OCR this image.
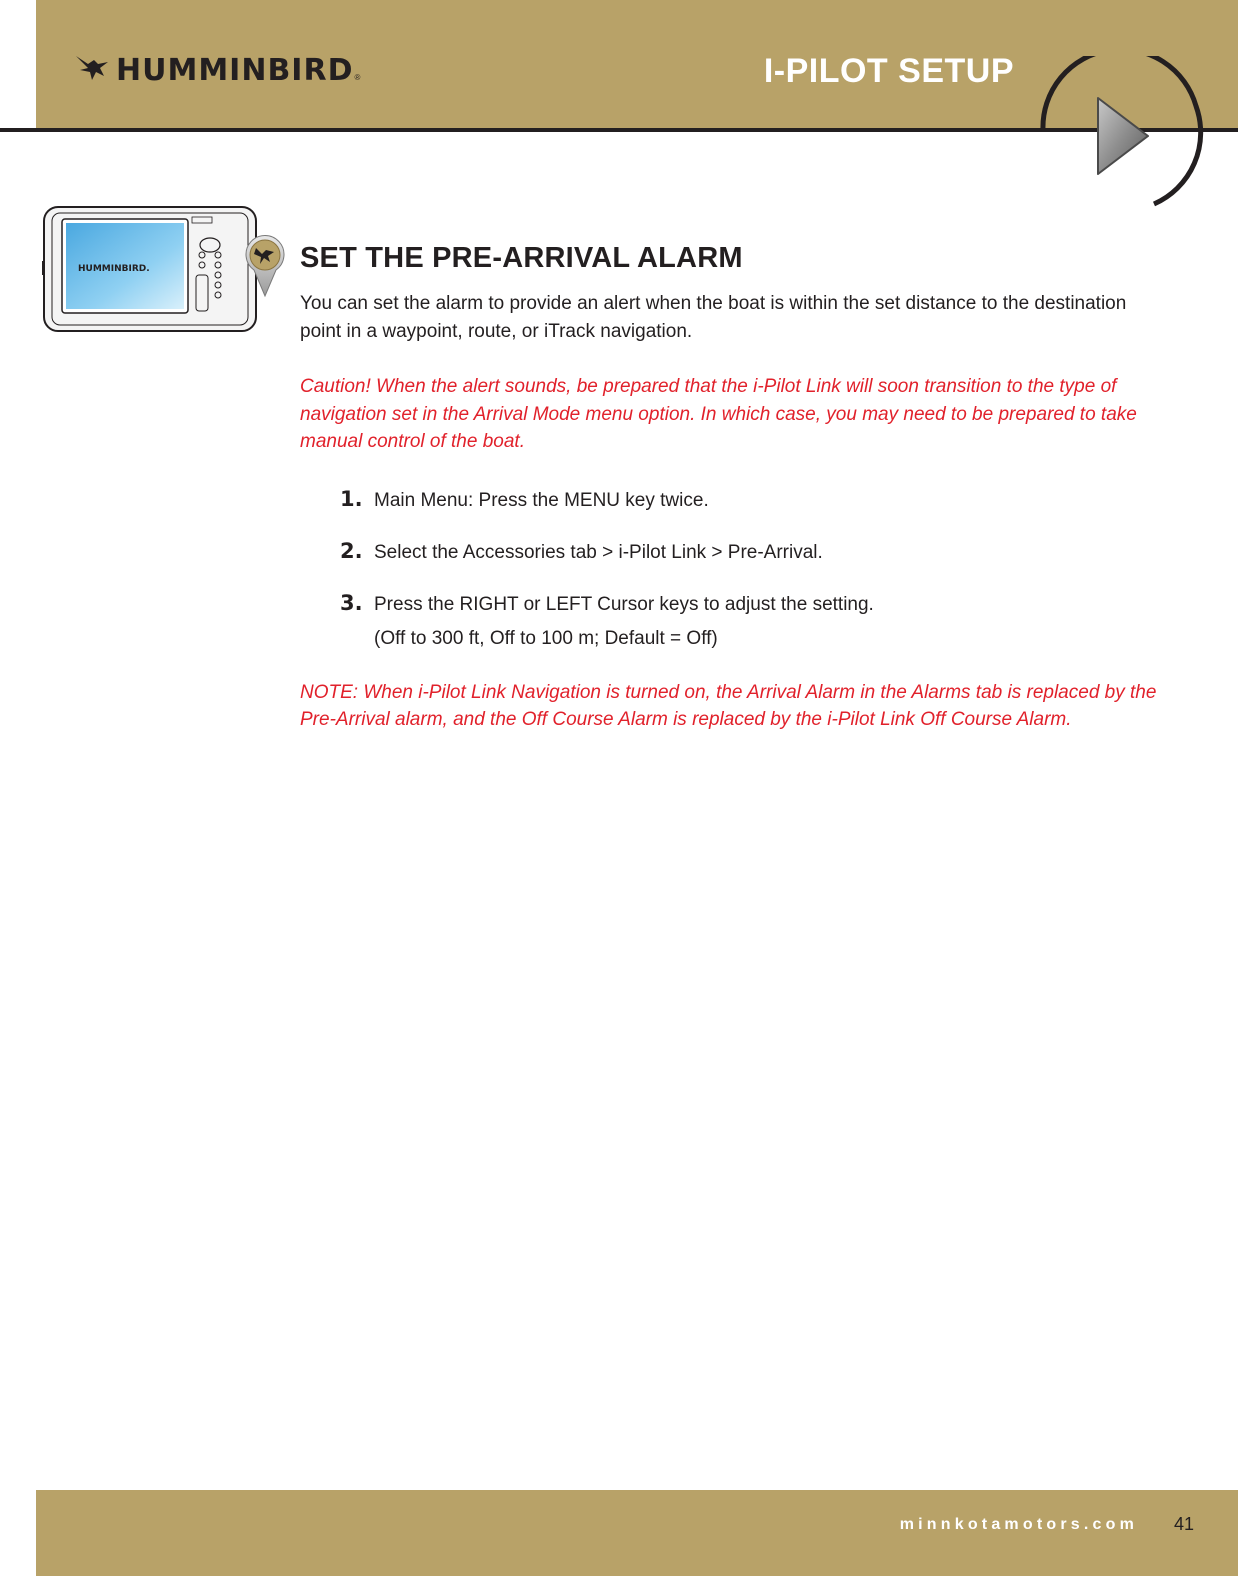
HUMMINBIRD ®	I-PILOT SETUP
HUMMINBIRD.	SET THE PRE-ARRIVAL ALARM

You can set the alarm to provide an alert when the boat is within the set distance to the destination point in a waypoint, route, or iTrack navigation.

Caution! When the alert sounds, be prepared that the i-Pilot Link will soon transition to the type of navigation set in the Arrival Mode menu option. In which case, you may need to be prepared to take manual control of the boat.

1. Main Menu: Press the MENU key twice.
2. Select the Accessories tab > i-Pilot Link > Pre-Arrival.
3. Press the RIGHT or LEFT Cursor keys to adjust the setting.

(Off to 300 ft, Off to 100 m; Default = Off)

NOTE: When i-Pilot Link Navigation is turned on, the Arrival Alarm in the Alarms tab is replaced by the Pre-Arrival alarm, and the Off Course Alarm is replaced by the i-Pilot Link Off Course Alarm.

minnkotamotors.com 41
